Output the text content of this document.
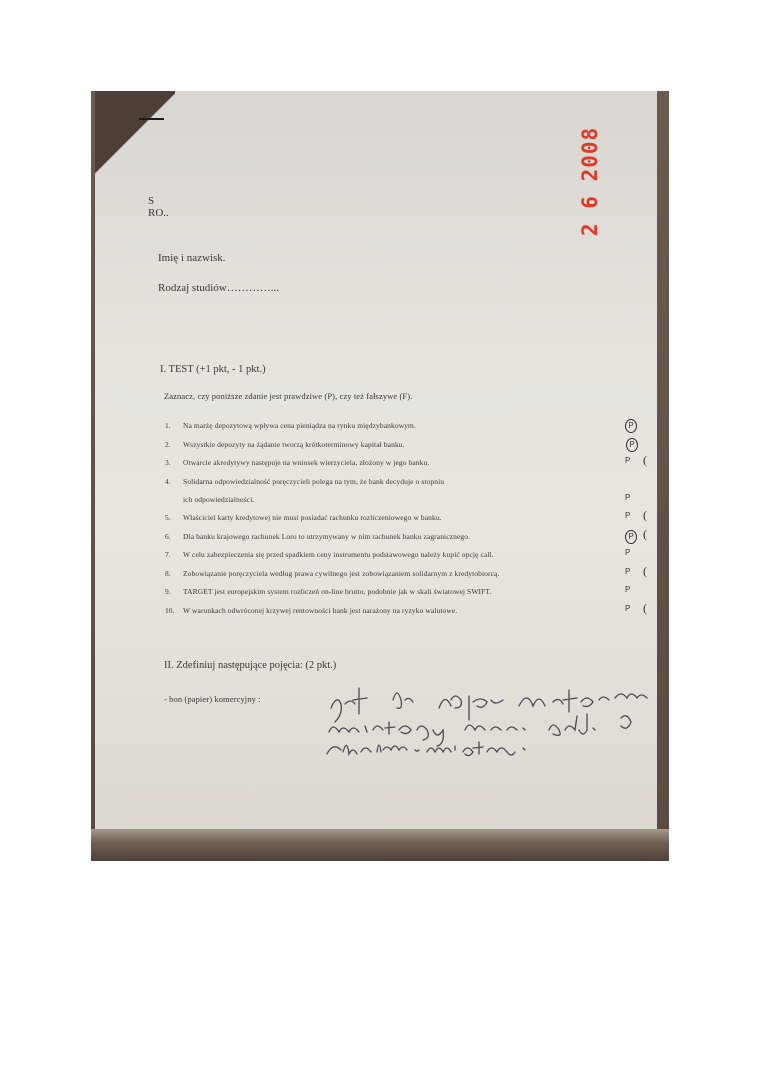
2 6 2008
S
RO..
Imię i nazwisk.
Rodzaj studiów…………...
I. TEST (+1 pkt, - 1 pkt.)
Zaznacz, czy poniższe zdanie jest prawdziwe (P), czy też fałszywe (F).
1. Na marżę depozytową wpływa cena pieniądza na rynku międzybankowym.	P
2. Wszystkie depozyty na żądanie tworzą krótkoterminowy kapitał banku.	P
3. Otwarcie akredytywy następuje na wniosek wierzyciela, złożony w jego banku.	P (
4. Solidarna odpowiedzialność poręczycieli polega na tym, że bank decyduje o stopniu
ich odpowiedzialności.	P
5. Właściciel karty kredytowej nie musi posiadać rachunku rozliczeniowego w banku.	P (
6. Dla banku krajowego rachunek Loro to utrzymywany w nim rachunek banku zagranicznego.	P (
7. W celu zabezpieczenia się przed spadkiem ceny instrumentu podstawowego należy kupić opcję call.	P
8. Zobowiązanie poręczyciela według prawa cywilnego jest zobowiązaniem solidarnym z kredytobiorcą.	P (
9. TARGET jest europejskim system rozliczeń on-line brutto, podobnie jak w skali światowej SWIFT.	P
10. W warunkach odwróconej krzywej rentowności bank jest narażony na ryzyko walutowe.	P (
II. Zdefiniuj następujące pojęcia: (2 pkt.)
- bon (papier) komercyjny :
